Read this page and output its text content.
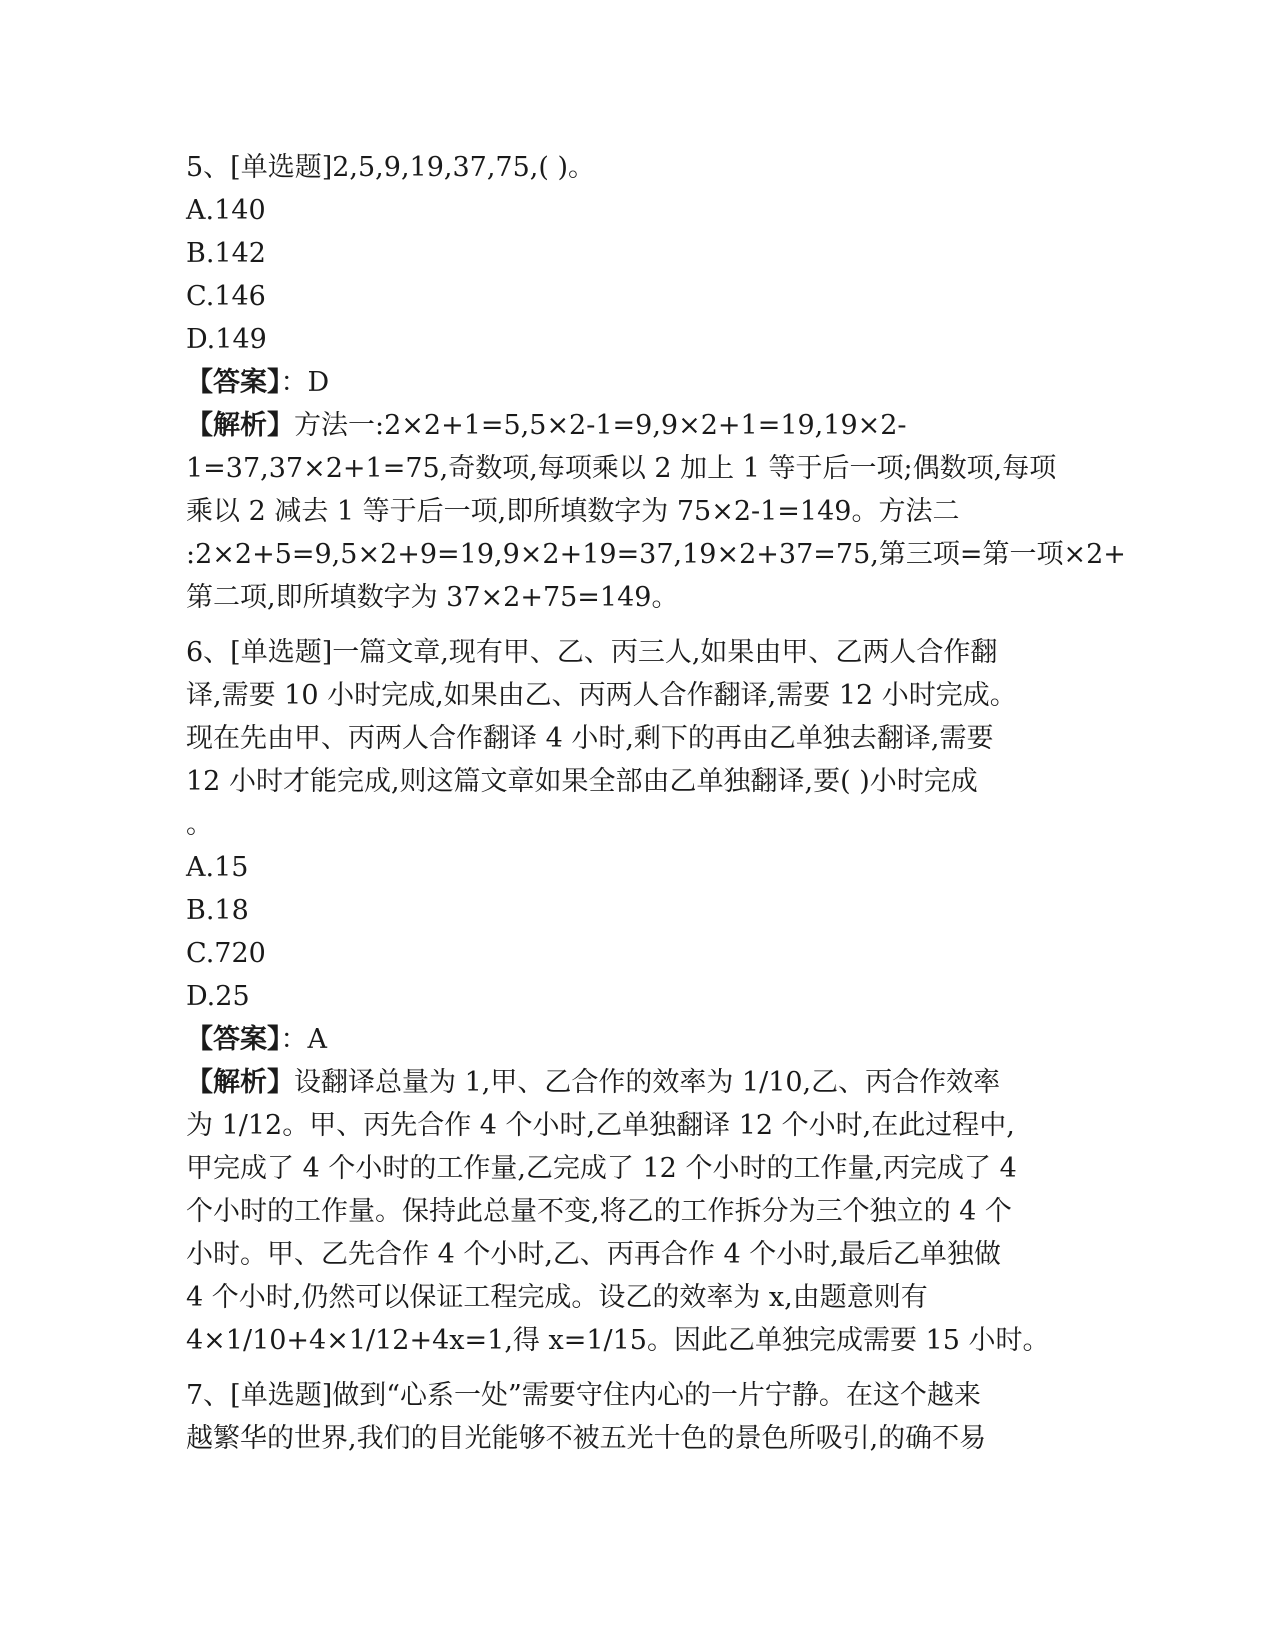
5、[单选题]2,5,9,19,37,75,( )。
A.140
B.142
C.146
D.149
【答案】：D
【解析】方法一:2×2+1=5,5×2-1=9,9×2+1=19,19×2-
1=37,37×2+1=75,奇数项,每项乘以 2 加上 1 等于后一项;偶数项,每项
乘以 2 减去 1 等于后一项,即所填数字为 75×2-1=149。方法二
:2×2+5=9,5×2+9=19,9×2+19=37,19×2+37=75,第三项=第一项×2+
第二项,即所填数字为 37×2+75=149。
6、[单选题]一篇文章,现有甲、乙、丙三人,如果由甲、乙两人合作翻
译,需要 10 小时完成,如果由乙、丙两人合作翻译,需要 12 小时完成。
现在先由甲、丙两人合作翻译 4 小时,剩下的再由乙单独去翻译,需要
12 小时才能完成,则这篇文章如果全部由乙单独翻译,要( )小时完成
。
A.15
B.18
C.720
D.25
【答案】：A
【解析】设翻译总量为 1,甲、乙合作的效率为 1/10,乙、丙合作效率
为 1/12。甲、丙先合作 4 个小时,乙单独翻译 12 个小时,在此过程中,
甲完成了 4 个小时的工作量,乙完成了 12 个小时的工作量,丙完成了 4
个小时的工作量。保持此总量不变,将乙的工作拆分为三个独立的 4 个
小时。甲、乙先合作 4 个小时,乙、丙再合作 4 个小时,最后乙单独做
4 个小时,仍然可以保证工程完成。设乙的效率为 x,由题意则有
4×1/10+4×1/12+4x=1,得 x=1/15。因此乙单独完成需要 15 小时。
7、[单选题]做到“心系一处”需要守住内心的一片宁静。在这个越来
越繁华的世界,我们的目光能够不被五光十色的景色所吸引,的确不易
